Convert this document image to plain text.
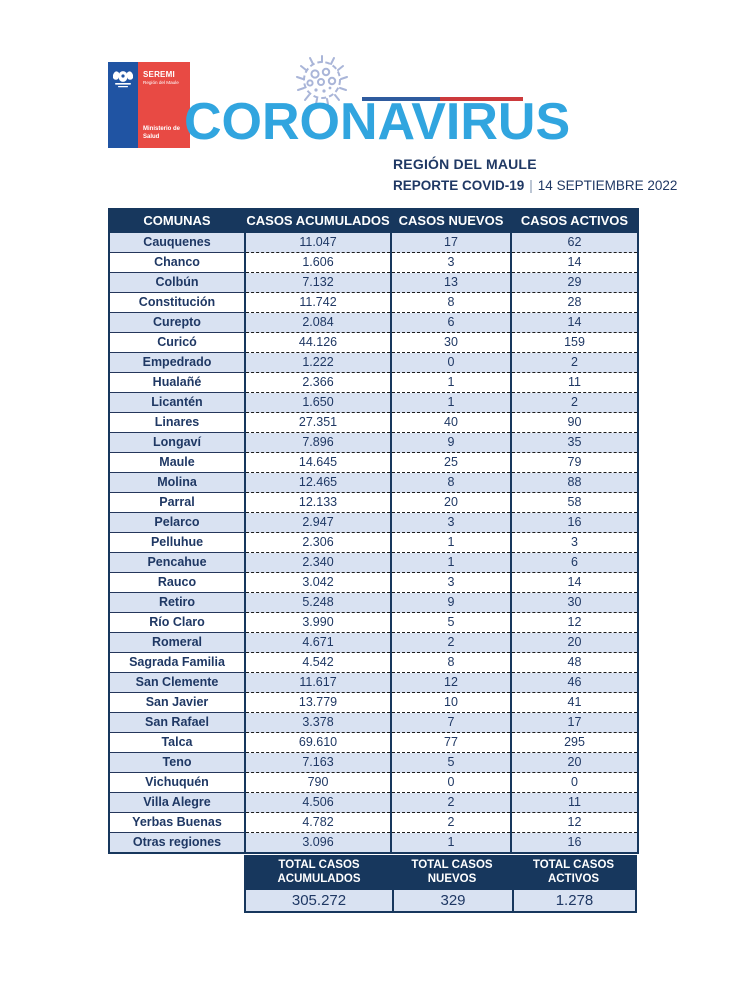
SEREMI
Región del Maule
Ministerio de
Salud CORONAVIRUS
REGIÓN DEL MAULE
REPORTE COVID-19 | 14 SEPTIEMBRE 2022
COMUNAS	CASOS ACUMULADOS	CASOS NUEVOS	CASOS ACTIVOS
Cauquenes	11.047	17	62
Chanco	1.606	3	14
Colbún	7.132	13	29
Constitución	11.742	8	28
Curepto	2.084	6	14
Curicó	44.126	30	159
Empedrado	1.222	0	2
Hualañé	2.366	1	11
Licantén	1.650	1	2
Linares	27.351	40	90
Longaví	7.896	9	35
Maule	14.645	25	79
Molina	12.465	8	88
Parral	12.133	20	58
Pelarco	2.947	3	16
Pelluhue	2.306	1	3
Pencahue	2.340	1	6
Rauco	3.042	3	14
Retiro	5.248	9	30
Río Claro	3.990	5	12
Romeral	4.671	2	20
Sagrada Familia	4.542	8	48
San Clemente	11.617	12	46
San Javier	13.779	10	41
San Rafael	3.378	7	17
Talca	69.610	77	295
Teno	7.163	5	20
Vichuquén	790	0	0
Villa Alegre	4.506	2	11
Yerbas Buenas	4.782	2	12
Otras regiones	3.096	1	16
TOTAL CASOS
ACUMULADOS
TOTAL CASOS
NUEVOS
TOTAL CASOS
ACTIVOS
305.272	329	1.278
